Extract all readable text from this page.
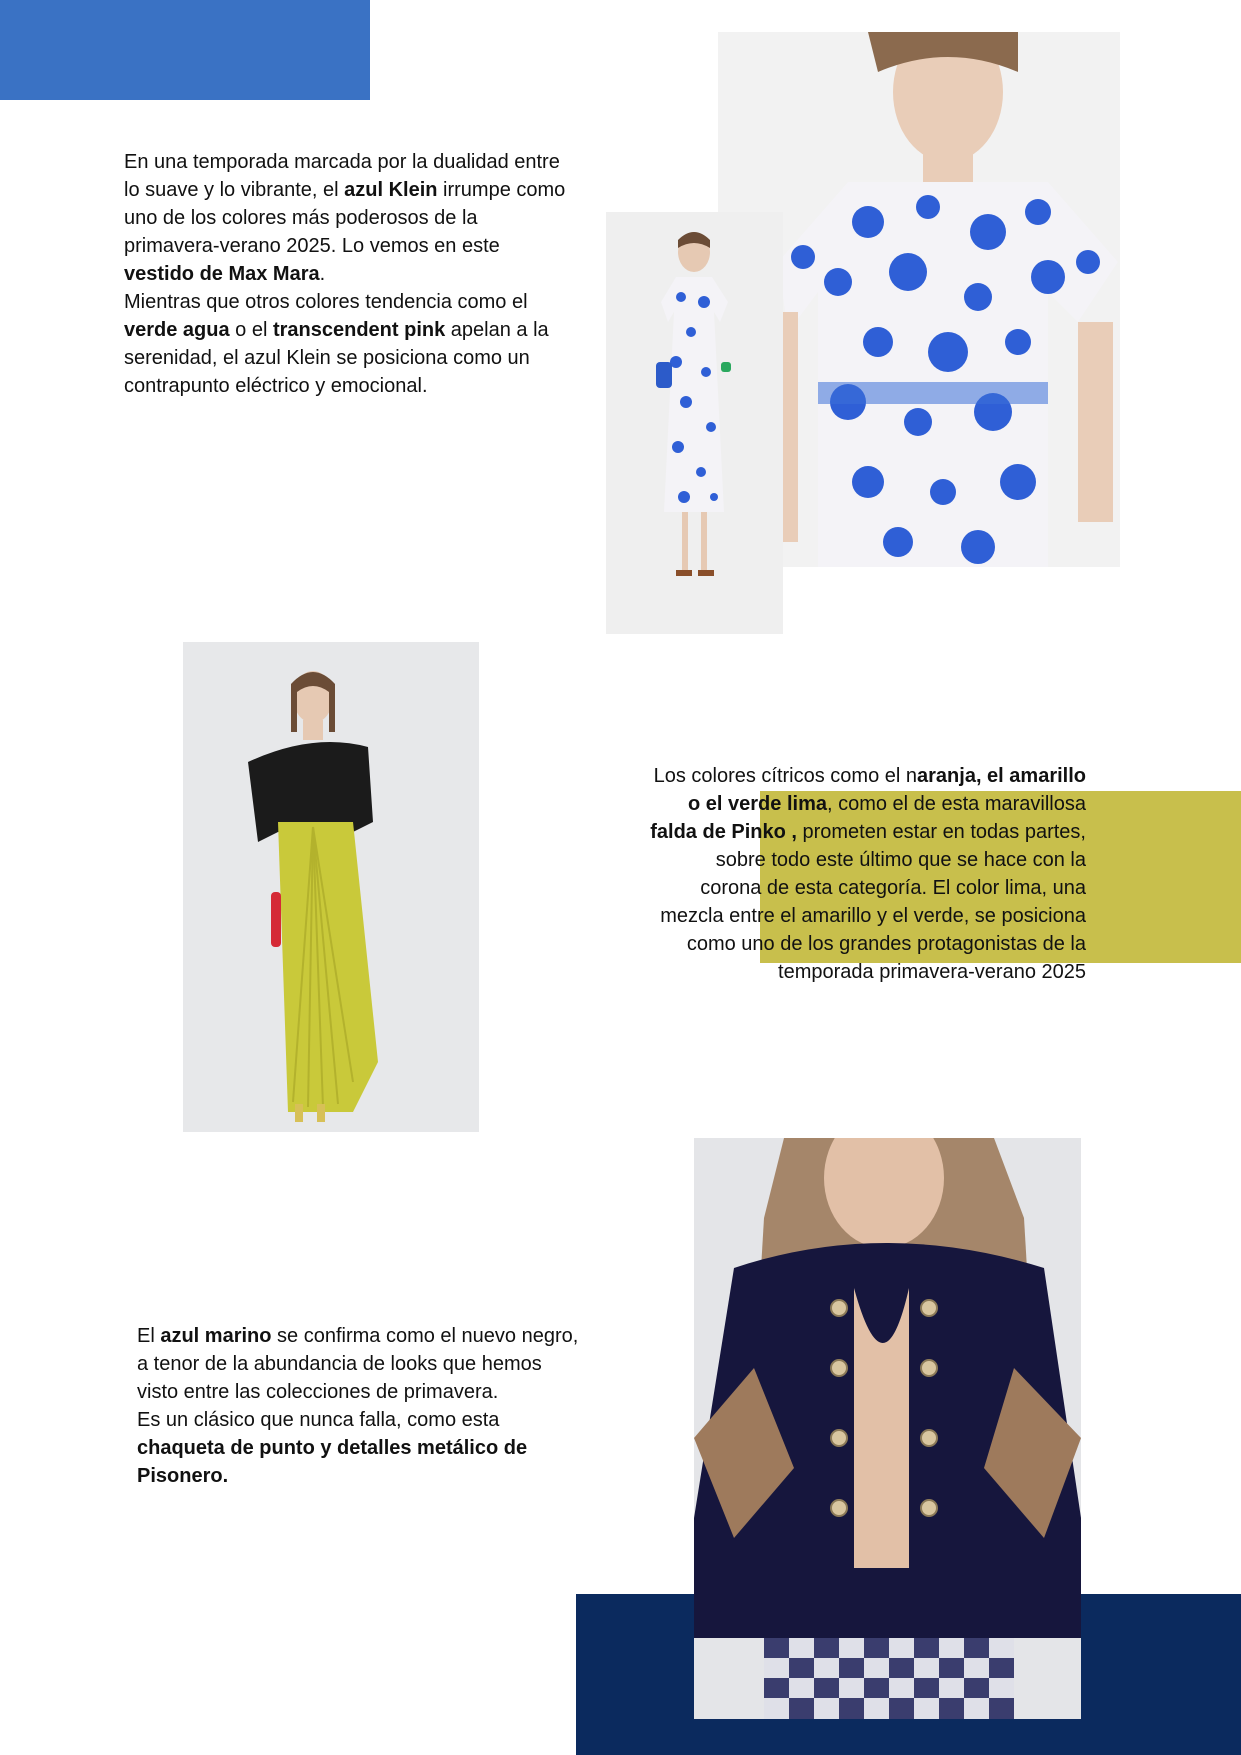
En una temporada marcada por la dualidad entre
lo suave y lo vibrante, el azul Klein irrumpe como
uno de los colores más poderosos de la
primavera-verano 2025. Lo vemos en este
vestido de Max Mara.
Mientras que otros colores tendencia como el
verde agua o el transcendent pink apelan a la
serenidad, el azul Klein se posiciona como un
contrapunto eléctrico y emocional.
Los colores cítricos como el naranja, el amarillo
o el verde lima, como el de esta maravillosa
falda de Pinko , prometen estar en todas partes,
sobre todo este último que se hace con la
corona de esta categoría. El color lima, una
mezcla entre el amarillo y el verde, se posiciona
como uno de los grandes protagonistas de la
temporada primavera-verano 2025
El azul marino se confirma como el nuevo negro,
a tenor de la abundancia de looks que hemos
visto entre las colecciones de primavera.
Es un clásico que nunca falla, como esta
chaqueta de punto y detalles metálico de
Pisonero.
